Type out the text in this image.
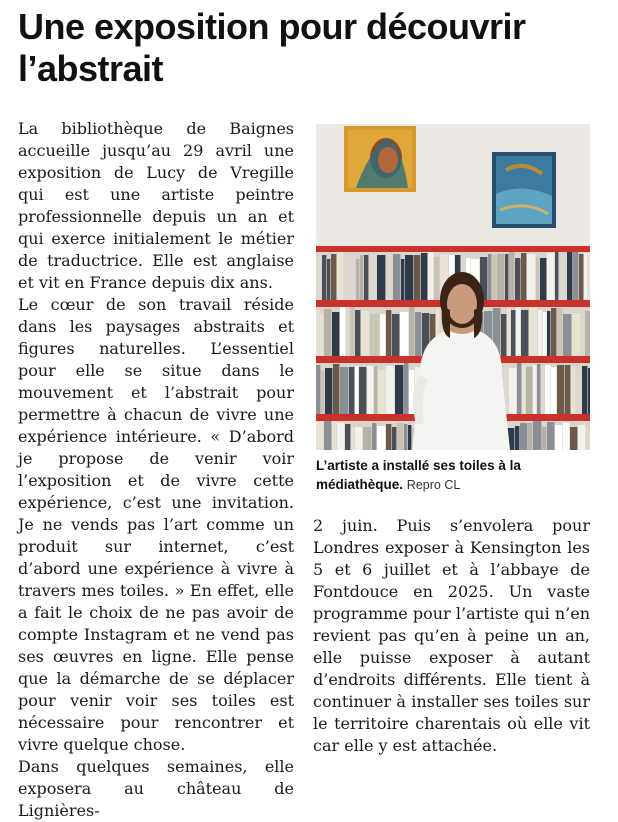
Une exposition pour découvrir l’abstrait

La bibliothèque de Baignes accueille jusqu’au 29 avril une exposition de Lucy de Vregille qui est une artiste peintre professionnelle depuis un an et qui exerce initialement le métier de traductrice. Elle est anglaise et vit en France depuis dix ans.

Le cœur de son travail réside dans les paysages abstraits et figures naturelles. L’essentiel pour elle se situe dans le mouvement et l’abstrait pour permettre à chacun de vivre une expérience intérieure. « D’abord je propose de venir voir l’exposition et de vivre cette expérience, c’est une invitation. Je ne vends pas l’art comme un produit sur internet, c’est d’abord une expérience à vivre à travers mes toiles. » En effet, elle a fait le choix de ne pas avoir de compte Instagram et ne vend pas ses œuvres en ligne. Elle pense que la démarche de se déplacer pour venir voir ses toiles est nécessaire pour rencontrer et vivre quelque chose.

Dans quelques semaines, elle exposera au château de Lignières-

L’artiste a installé ses toiles à la médiathèque. Repro CL

2 juin. Puis s’envolera pour Londres exposer à Kensington les 5 et 6 juillet et à l’abbaye de Fontdouce en 2025. Un vaste programme pour l’artiste qui n’en revient pas qu’en à peine un an, elle puisse exposer à autant d’endroits différents. Elle tient à continuer à installer ses toiles sur le territoire charentais où elle vit car elle y est attachée.
